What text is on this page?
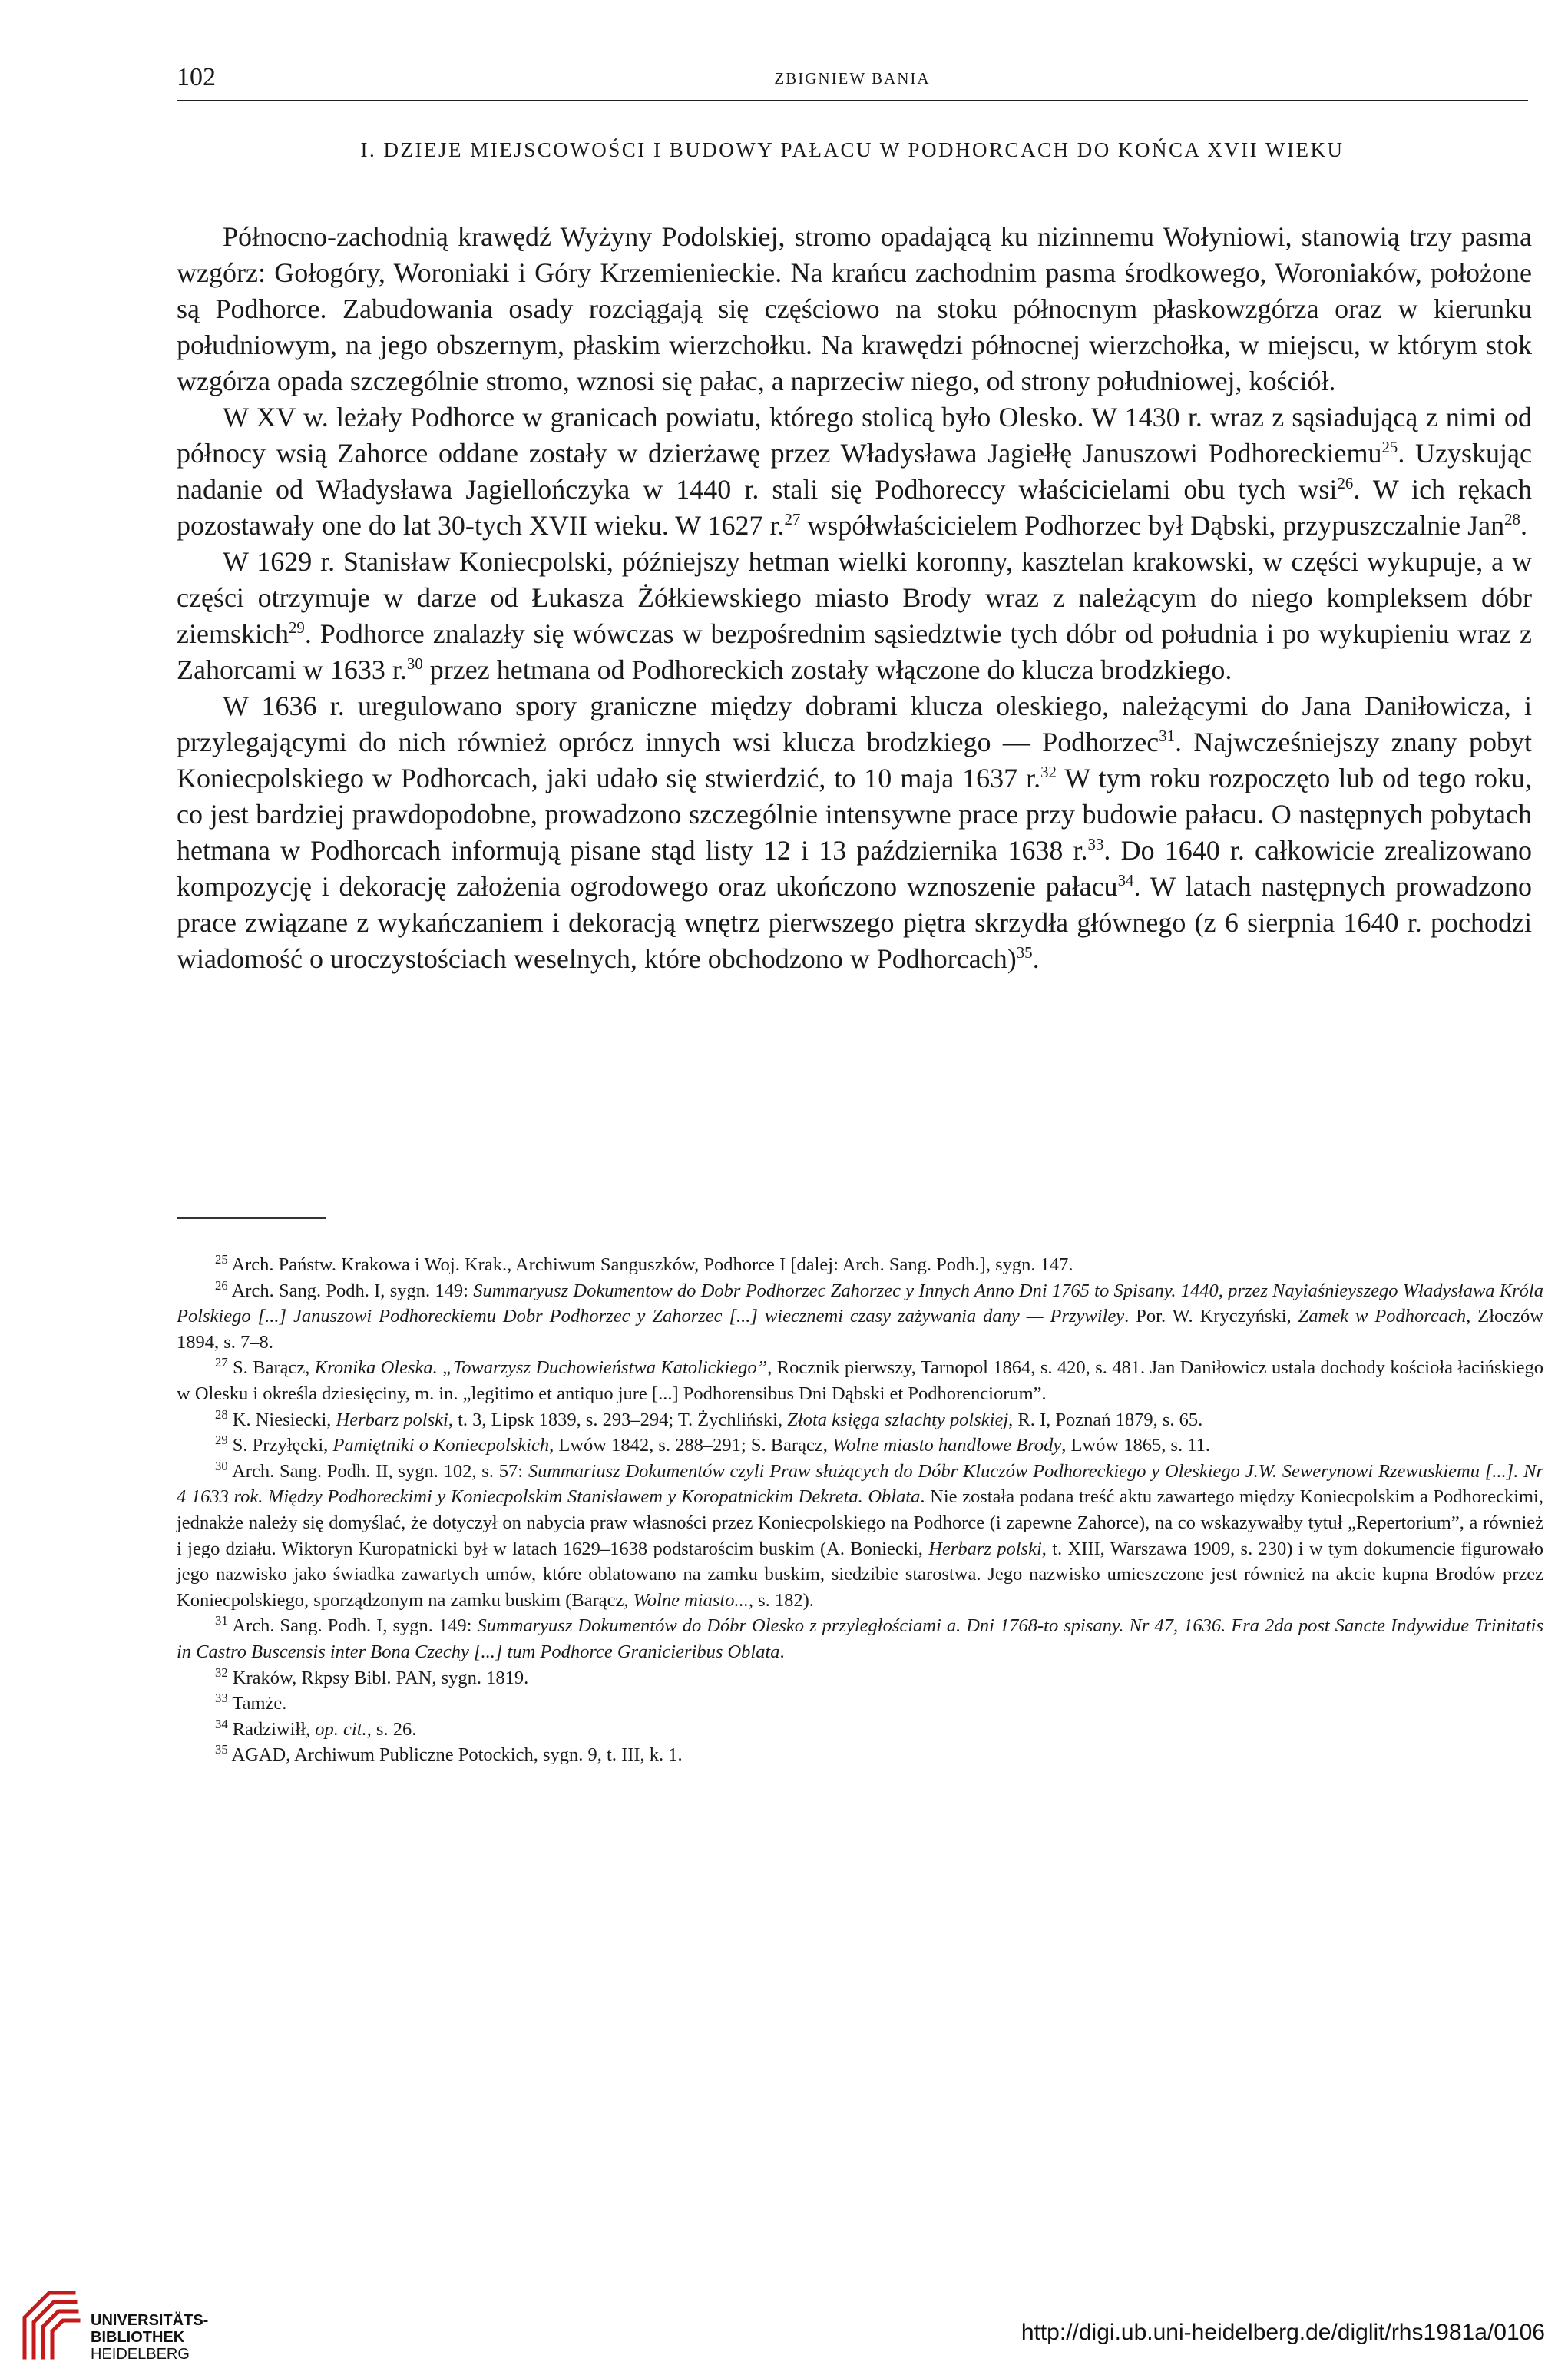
102	ZBIGNIEW BANIA
I. DZIEJE MIEJSCOWOŚCI I BUDOWY PAŁACU W PODHORCACH DO KOŃCA XVII WIEKU

Północno-zachodnią krawędź Wyżyny Podolskiej, stromo opadającą ku nizinnemu Wołyniowi, stanowią trzy pasma wzgórz: Gołogóry, Woroniaki i Góry Krzemienieckie. Na krańcu zachodnim pasma środkowego, Woroniaków, położone są Podhorce. Zabudowania osady rozciągają się częściowo na stoku północnym płaskowzgórza oraz w kierunku południowym, na jego obszernym, płaskim wierzchołku. Na krawędzi północnej wierzchołka, w miejscu, w którym stok wzgórza opada szczególnie stromo, wznosi się pałac, a naprzeciw niego, od strony południowej, kościół.

W XV w. leżały Podhorce w granicach powiatu, którego stolicą było Olesko. W 1430 r. wraz z sąsiadującą z nimi od północy wsią Zahorce oddane zostały w dzierżawę przez Władysława Jagiełłę Januszowi Podhoreckiemu$^{25}$. Uzyskując nadanie od Władysława Jagiellończyka w 1440 r. stali się Podhoreccy właścicielami obu tych wsi$^{26}$. W ich rękach pozostawały one do lat 30-tych XVII wieku. W 1627 r.$^{27}$ współwłaścicielem Podhorzec był Dąbski, przypuszczalnie Jan$^{28}$.

W 1629 r. Stanisław Koniecpolski, późniejszy hetman wielki koronny, kasztelan krakowski, w części wykupuje, a w części otrzymuje w darze od Łukasza Żółkiewskiego miasto Brody wraz z należącym do niego kompleksem dóbr ziemskich$^{29}$. Podhorce znalazły się wówczas w bezpośrednim sąsiedztwie tych dóbr od południa i po wykupieniu wraz z Zahorcami w 1633 r.$^{30}$ przez hetmana od Podhoreckich zostały włączone do klucza brodzkiego.

W 1636 r. uregulowano spory graniczne między dobrami klucza oleskiego, należącymi do Jana Daniłowicza, i przylegającymi do nich również oprócz innych wsi klucza brodzkiego — Podhorzec$^{31}$. Najwcześniejszy znany pobyt Koniecpolskiego w Podhorcach, jaki udało się stwierdzić, to 10 maja 1637 r.$^{32}$ W tym roku rozpoczęto lub od tego roku, co jest bardziej prawdopodobne, prowadzono szczególnie intensywne prace przy budowie pałacu. O następnych pobytach hetmana w Podhorcach informują pisane stąd listy 12 i 13 października 1638 r.$^{33}$. Do 1640 r. całkowicie zrealizowano kompozycję i dekorację założenia ogrodowego oraz ukończono wznoszenie pałacu$^{34}$. W latach następnych prowadzono prace związane z wykańczaniem i dekoracją wnętrz pierwszego piętra skrzydła głównego (z 6 sierpnia 1640 r. pochodzi wiadomość o uroczystościach weselnych, które obchodzono w Podhorcach)$^{35}$.

$^{25}$ Arch. Państw. Krakowa i Woj. Krak., Archiwum Sanguszków, Podhorce I [dalej: Arch. Sang. Podh.], sygn. 147.

$^{26}$ Arch. Sang. Podh. I, sygn. 149: Summaryusz Dokumentow do Dobr Podhorzec Zahorzec y Innych Anno Dni 1765 to Spisany. 1440, przez Nayiaśnieyszego Władysława Króla Polskiego [...] Januszowi Podhoreckiemu Dobr Podhorzec y Zahorzec [...] wiecznemi czasy zażywania dany — Przywiley. Por. W. Kryczyński, Zamek w Podhorcach, Złoczów 1894, s. 7–8.

$^{27}$ S. Barącz, Kronika Oleska. „Towarzysz Duchowieństwa Katolickiego”, Rocznik pierwszy, Tarnopol 1864, s. 420, s. 481. Jan Daniłowicz ustala dochody kościoła łacińskiego w Olesku i określa dziesięciny, m. in. „legitimo et antiquo jure [...] Podhorensibus Dni Dąbski et Podhorenciorum”.

$^{28}$ K. Niesiecki, Herbarz polski, t. 3, Lipsk 1839, s. 293–294; T. Żychliński, Złota księga szlachty polskiej, R. I, Poznań 1879, s. 65.

$^{29}$ S. Przyłęcki, Pamiętniki o Koniecpolskich, Lwów 1842, s. 288–291; S. Barącz, Wolne miasto handlowe Brody, Lwów 1865, s. 11.

$^{30}$ Arch. Sang. Podh. II, sygn. 102, s. 57: Summariusz Dokumentów czyli Praw służących do Dóbr Kluczów Podhoreckiego y Oleskiego J.W. Sewerynowi Rzewuskiemu [...]. Nr 4 1633 rok. Między Podhoreckimi y Koniecpolskim Stanisławem y Koropatnickim Dekreta. Oblata. Nie została podana treść aktu zawartego między Koniecpolskim a Podhoreckimi, jednakże należy się domyślać, że dotyczył on nabycia praw własności przez Koniecpolskiego na Podhorce (i zapewne Zahorce), na co wskazywałby tytuł „Repertorium”, a również i jego działu. Wiktoryn Kuropatnicki był w latach 1629–1638 podstarościm buskim (A. Boniecki, Herbarz polski, t. XIII, Warszawa 1909, s. 230) i w tym dokumencie figurowało jego nazwisko jako świadka zawartych umów, które oblatowano na zamku buskim, siedzibie starostwa. Jego nazwisko umieszczone jest również na akcie kupna Brodów przez Koniecpolskiego, sporządzonym na zamku buskim (Barącz, Wolne miasto..., s. 182).

$^{31}$ Arch. Sang. Podh. I, sygn. 149: Summaryusz Dokumentów do Dóbr Olesko z przyległościami a. Dni 1768-to spisany. Nr 47, 1636. Fra 2da post Sancte Indywidue Trinitatis in Castro Buscensis inter Bona Czechy [...] tum Podhorce Granicieribus Oblata.

$^{32}$ Kraków, Rkpsy Bibl. PAN, sygn. 1819.

$^{33}$ Tamże.

$^{34}$ Radziwiłł, op. cit., s. 26.

$^{35}$ AGAD, Archiwum Publiczne Potockich, sygn. 9, t. III, k. 1.

UNIVERSITÄTS-
BIBLIOTHEK
HEIDELBERG
http://digi.ub.uni-heidelberg.de/diglit/rhs1981a/0106
